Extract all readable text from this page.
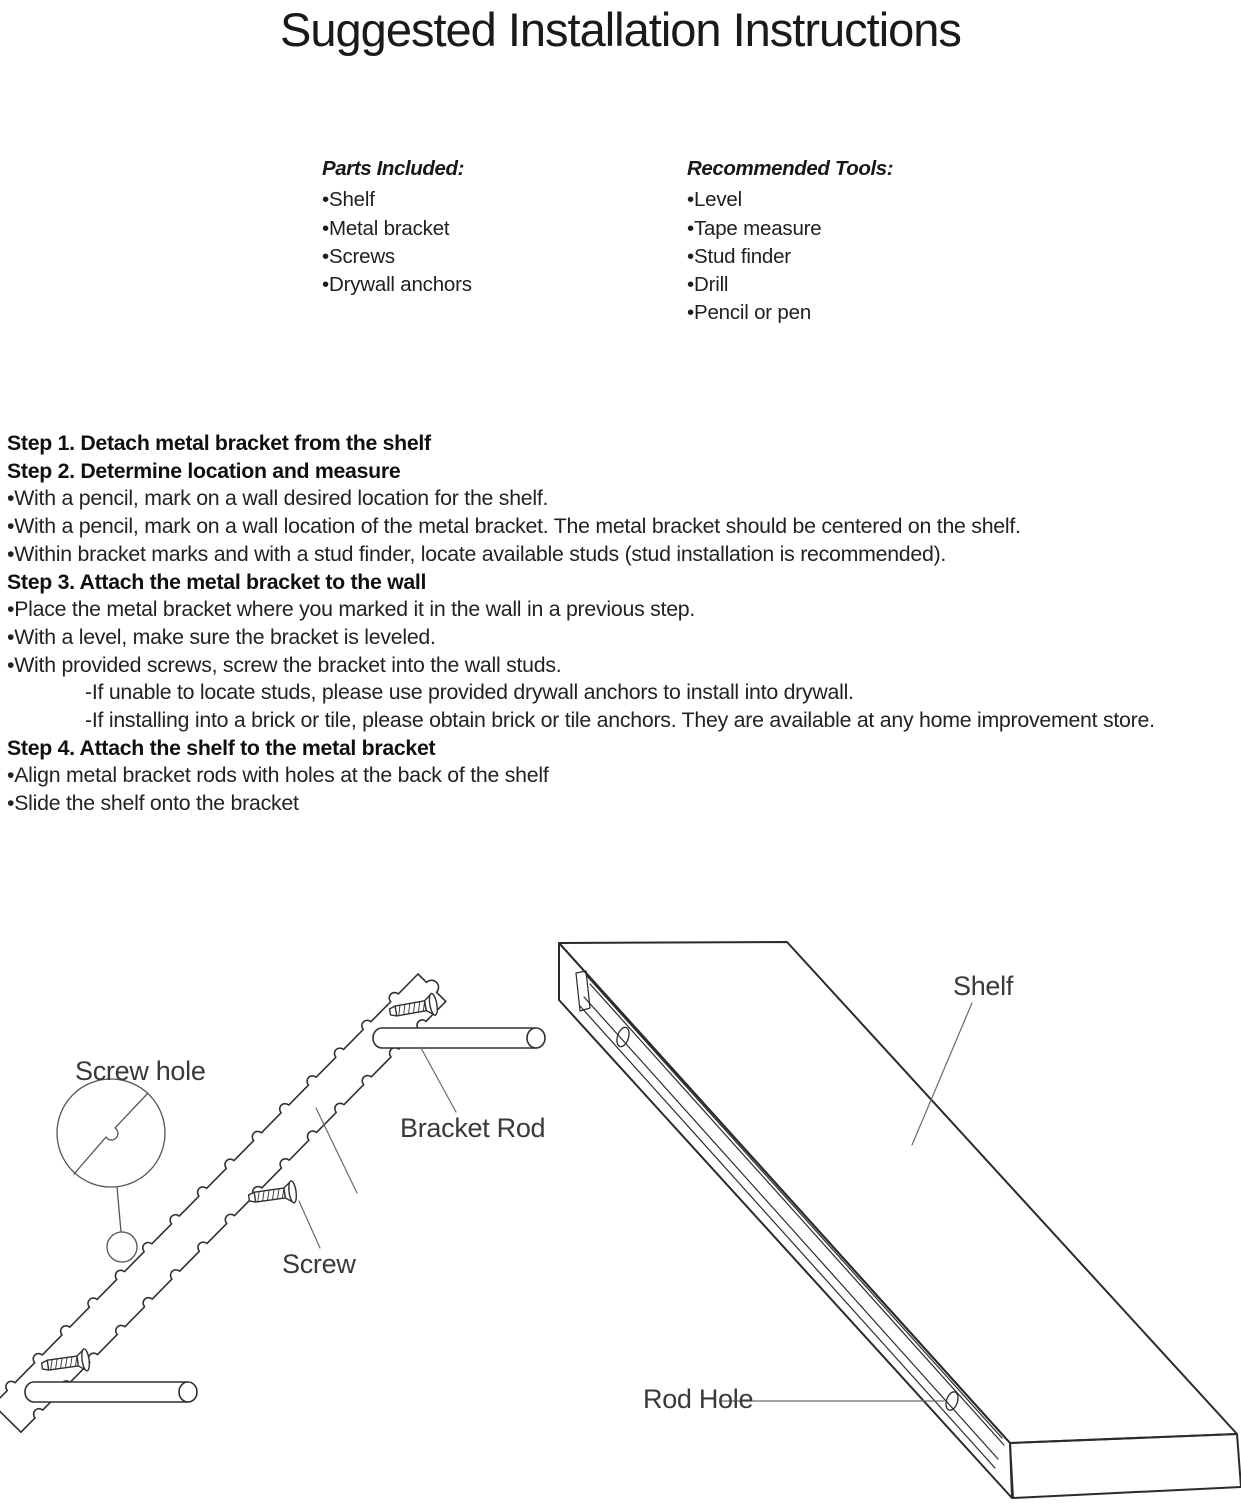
Suggested Installation Instructions
Parts Included:
•Shelf
•Metal bracket
•Screws
•Drywall anchors
Recommended Tools:
•Level
•Tape measure
•Stud finder
•Drill
•Pencil or pen

Step 1. Detach metal bracket from the shelf

Step 2. Determine location and measure

•With a pencil, mark on a wall desired location for the shelf.

•With a pencil, mark on a wall location of the metal bracket. The metal bracket should be centered on the shelf.

•Within bracket marks and with a stud finder, locate available studs (stud installation is recommended).

Step 3. Attach the metal bracket to the wall

•Place the metal bracket where you marked it in the wall in a previous step.

•With a level, make sure the bracket is leveled.

•With provided screws, screw the bracket into the wall studs.

-If unable to locate studs, please use provided drywall anchors to install into drywall.

-If installing into a brick or tile, please obtain brick or tile anchors. They are available at any home improvement store.

Step 4. Attach the shelf to the metal bracket

•Align metal bracket rods with holes at the back of the shelf

•Slide the shelf onto the bracket

Screw hole
Bracket Rod
Screw
Shelf
Rod Hole
